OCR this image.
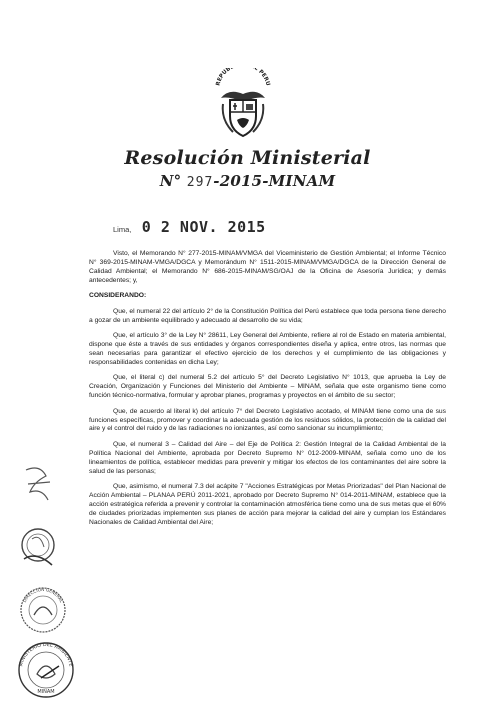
REPUB L PERU
Resolución Ministerial
N° 297-2015-MINAM
Lima, 0 2 NOV. 2015

Visto, el Memorando N° 277-2015-MINAM/VMGA del Viceministerio de Gestión Ambiental; el Informe Técnico N° 369-2015-MINAM-VMGA/DGCA y Memorándum N° 1511-2015-MINAM/VMGA/DGCA de la Dirección General de Calidad Ambiental; el Memorando N° 686-2015-MINAM/SG/OAJ de la Oficina de Asesoría Jurídica; y demás antecedentes; y,

CONSIDERANDO:

Que, el numeral 22 del artículo 2° de la Constitución Política del Perú establece que toda persona tiene derecho a gozar de un ambiente equilibrado y adecuado al desarrollo de su vida;

Que, el artículo 3° de la Ley N° 28611, Ley General del Ambiente, refiere al rol de Estado en materia ambiental, dispone que éste a través de sus entidades y órganos correspondientes diseña y aplica, entre otros, las normas que sean necesarias para garantizar el efectivo ejercicio de los derechos y el cumplimiento de las obligaciones y responsabilidades contenidas en dicha Ley;

Que, el literal c) del numeral 5.2 del artículo 5° del Decreto Legislativo N° 1013, que aprueba la Ley de Creación, Organización y Funciones del Ministerio del Ambiente – MINAM, señala que este organismo tiene como función técnico-normativa, formular y aprobar planes, programas y proyectos en el ámbito de su sector;

Que, de acuerdo al literal k) del artículo 7° del Decreto Legislativo acotado, el MINAM tiene como una de sus funciones específicas, promover y coordinar la adecuada gestión de los residuos sólidos, la protección de la calidad del aire y el control del ruido y de las radiaciones no ionizantes, así como sancionar su incumplimiento;

Que, el numeral 3 – Calidad del Aire – del Eje de Política 2: Gestión Integral de la Calidad Ambiental de la Política Nacional del Ambiente, aprobada por Decreto Supremo N° 012-2009-MINAM, señala como uno de los lineamientos de política, establecer medidas para prevenir y mitigar los efectos de los contaminantes del aire sobre la salud de las personas;

Que, asimismo, el numeral 7.3 del acápite 7 "Acciones Estratégicas por Metas Priorizadas" del Plan Nacional de Acción Ambiental – PLANAA PERÚ 2011-2021, aprobado por Decreto Supremo N° 014-2011-MINAM, establece que la acción estratégica referida a prevenir y controlar la contaminación atmosférica tiene como una de sus metas que el 60% de ciudades priorizadas implementen sus planes de acción para mejorar la calidad del aire y cumplan los Estándares Nacionales de Calidad Ambiental del Aire;

DIRECCIÓN GENERAL
MINISTERIO DEL AMBIENTE
MINAM
